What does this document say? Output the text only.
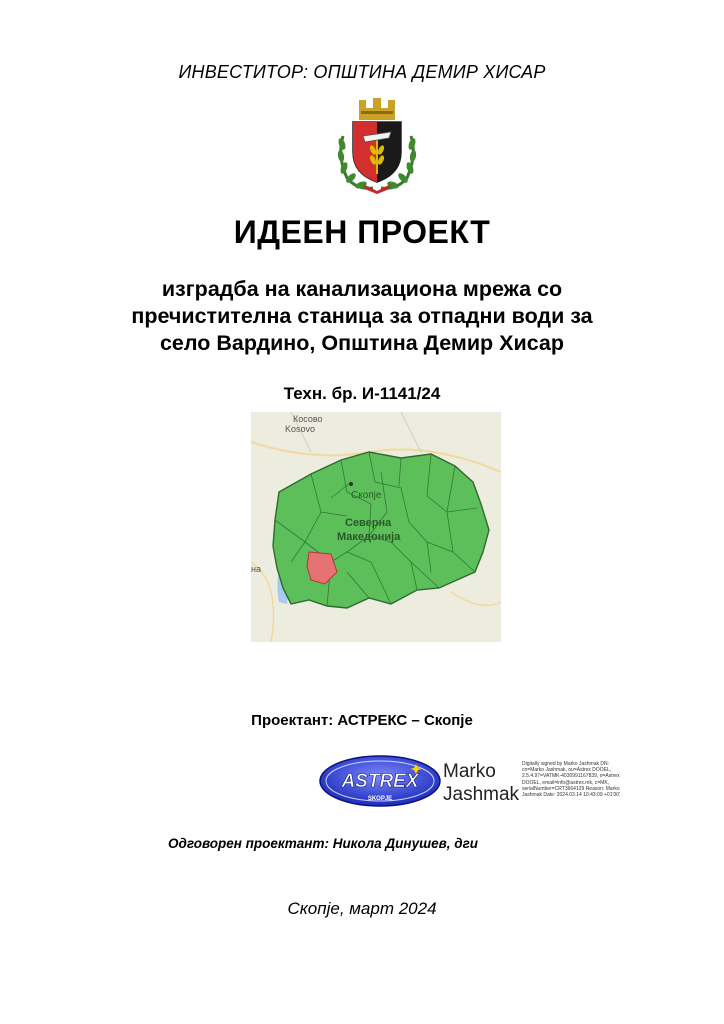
ИНВЕСТИТОР: ОПШТИНА ДЕМИР ХИСАР
ИДЕЕН ПРОЕКТ
изградба на канализациона мрежа со
пречистителна станица за отпадни води за
село Вардино, Општина Демир Хисар
Техн. бр. И-1141/24
Косово
Kosovo
Скопје
Северна
Македонија
на
Проектант: АСТРЕКС – Скопје
ASTREX
SKOPJE
Marko
Jashmak
Digitally signed by Marko Jashmak DN: cn=Marko Jashmak, ou=Astrex DOOEL, 2.5.4.97=VATMK-4030991167839, o=Astrex DOOEL, email=info@astrex.mk, c=MK, serialNumber=CRT3664129 Reason: Marko Jashmak Date: 2024.03.14 10:43:09 +01'00'
Одговорен проектант: Никола Динушев, дги
Скопје, март 2024
